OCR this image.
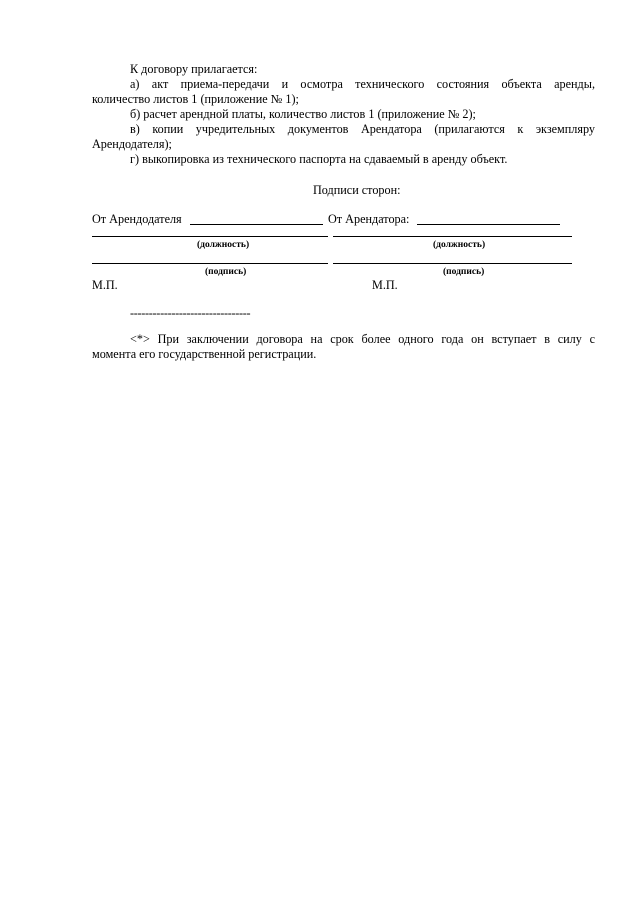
К договору прилагается:
а) акт приема-передачи и осмотра технического состояния объекта аренды,
количество листов 1 (приложение № 1);
б) расчет арендной платы, количество листов 1 (приложение № 2);
в) копии учредительных документов Арендатора (прилагаются к экземпляру
Арендодателя);
г) выкопировка из технического паспорта на сдаваемый в аренду объект.
Подписи сторон:
От Арендодателя	От Арендатора:
(должность)	(должность)
(подпись)	(подпись)
М.П.	М.П.
--------------------------------
<*> При заключении договора на срок более одного года он вступает в силу с
момента его государственной регистрации.
